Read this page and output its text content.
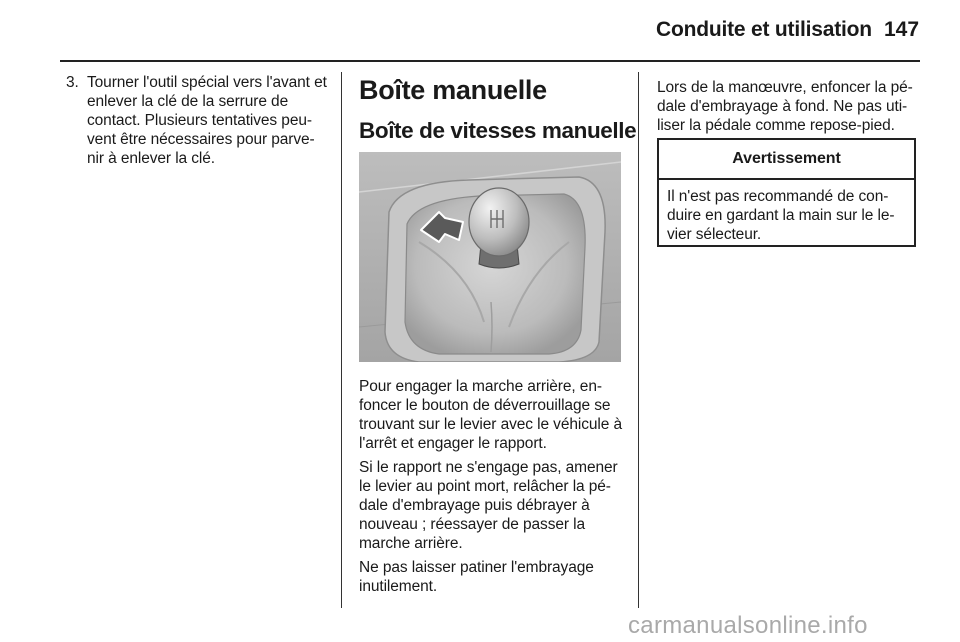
Conduite et utilisation 147
3. Tourner l'outil spécial vers l'avant et enlever la clé de la serrure de contact. Plusieurs tentatives peu-vent être nécessaires pour parve-nir à enlever la clé.
Boîte manuelle
Boîte de vitesses manuelle

Pour engager la marche arrière, en-foncer le bouton de déverrouillage se trouvant sur le levier avec le véhicule à l'arrêt et engager le rapport.

Si le rapport ne s'engage pas, amener le levier au point mort, relâcher la pé-dale d'embrayage puis débrayer à nouveau ; réessayer de passer la marche arrière.

Ne pas laisser patiner l'embrayage inutilement.

Lors de la manœuvre, enfoncer la pé-dale d'embrayage à fond. Ne pas uti-liser la pédale comme repose-pied.

Avertissement
Il n'est pas recommandé de con-duire en gardant la main sur le le-vier sélecteur.
carmanualsonline.info
